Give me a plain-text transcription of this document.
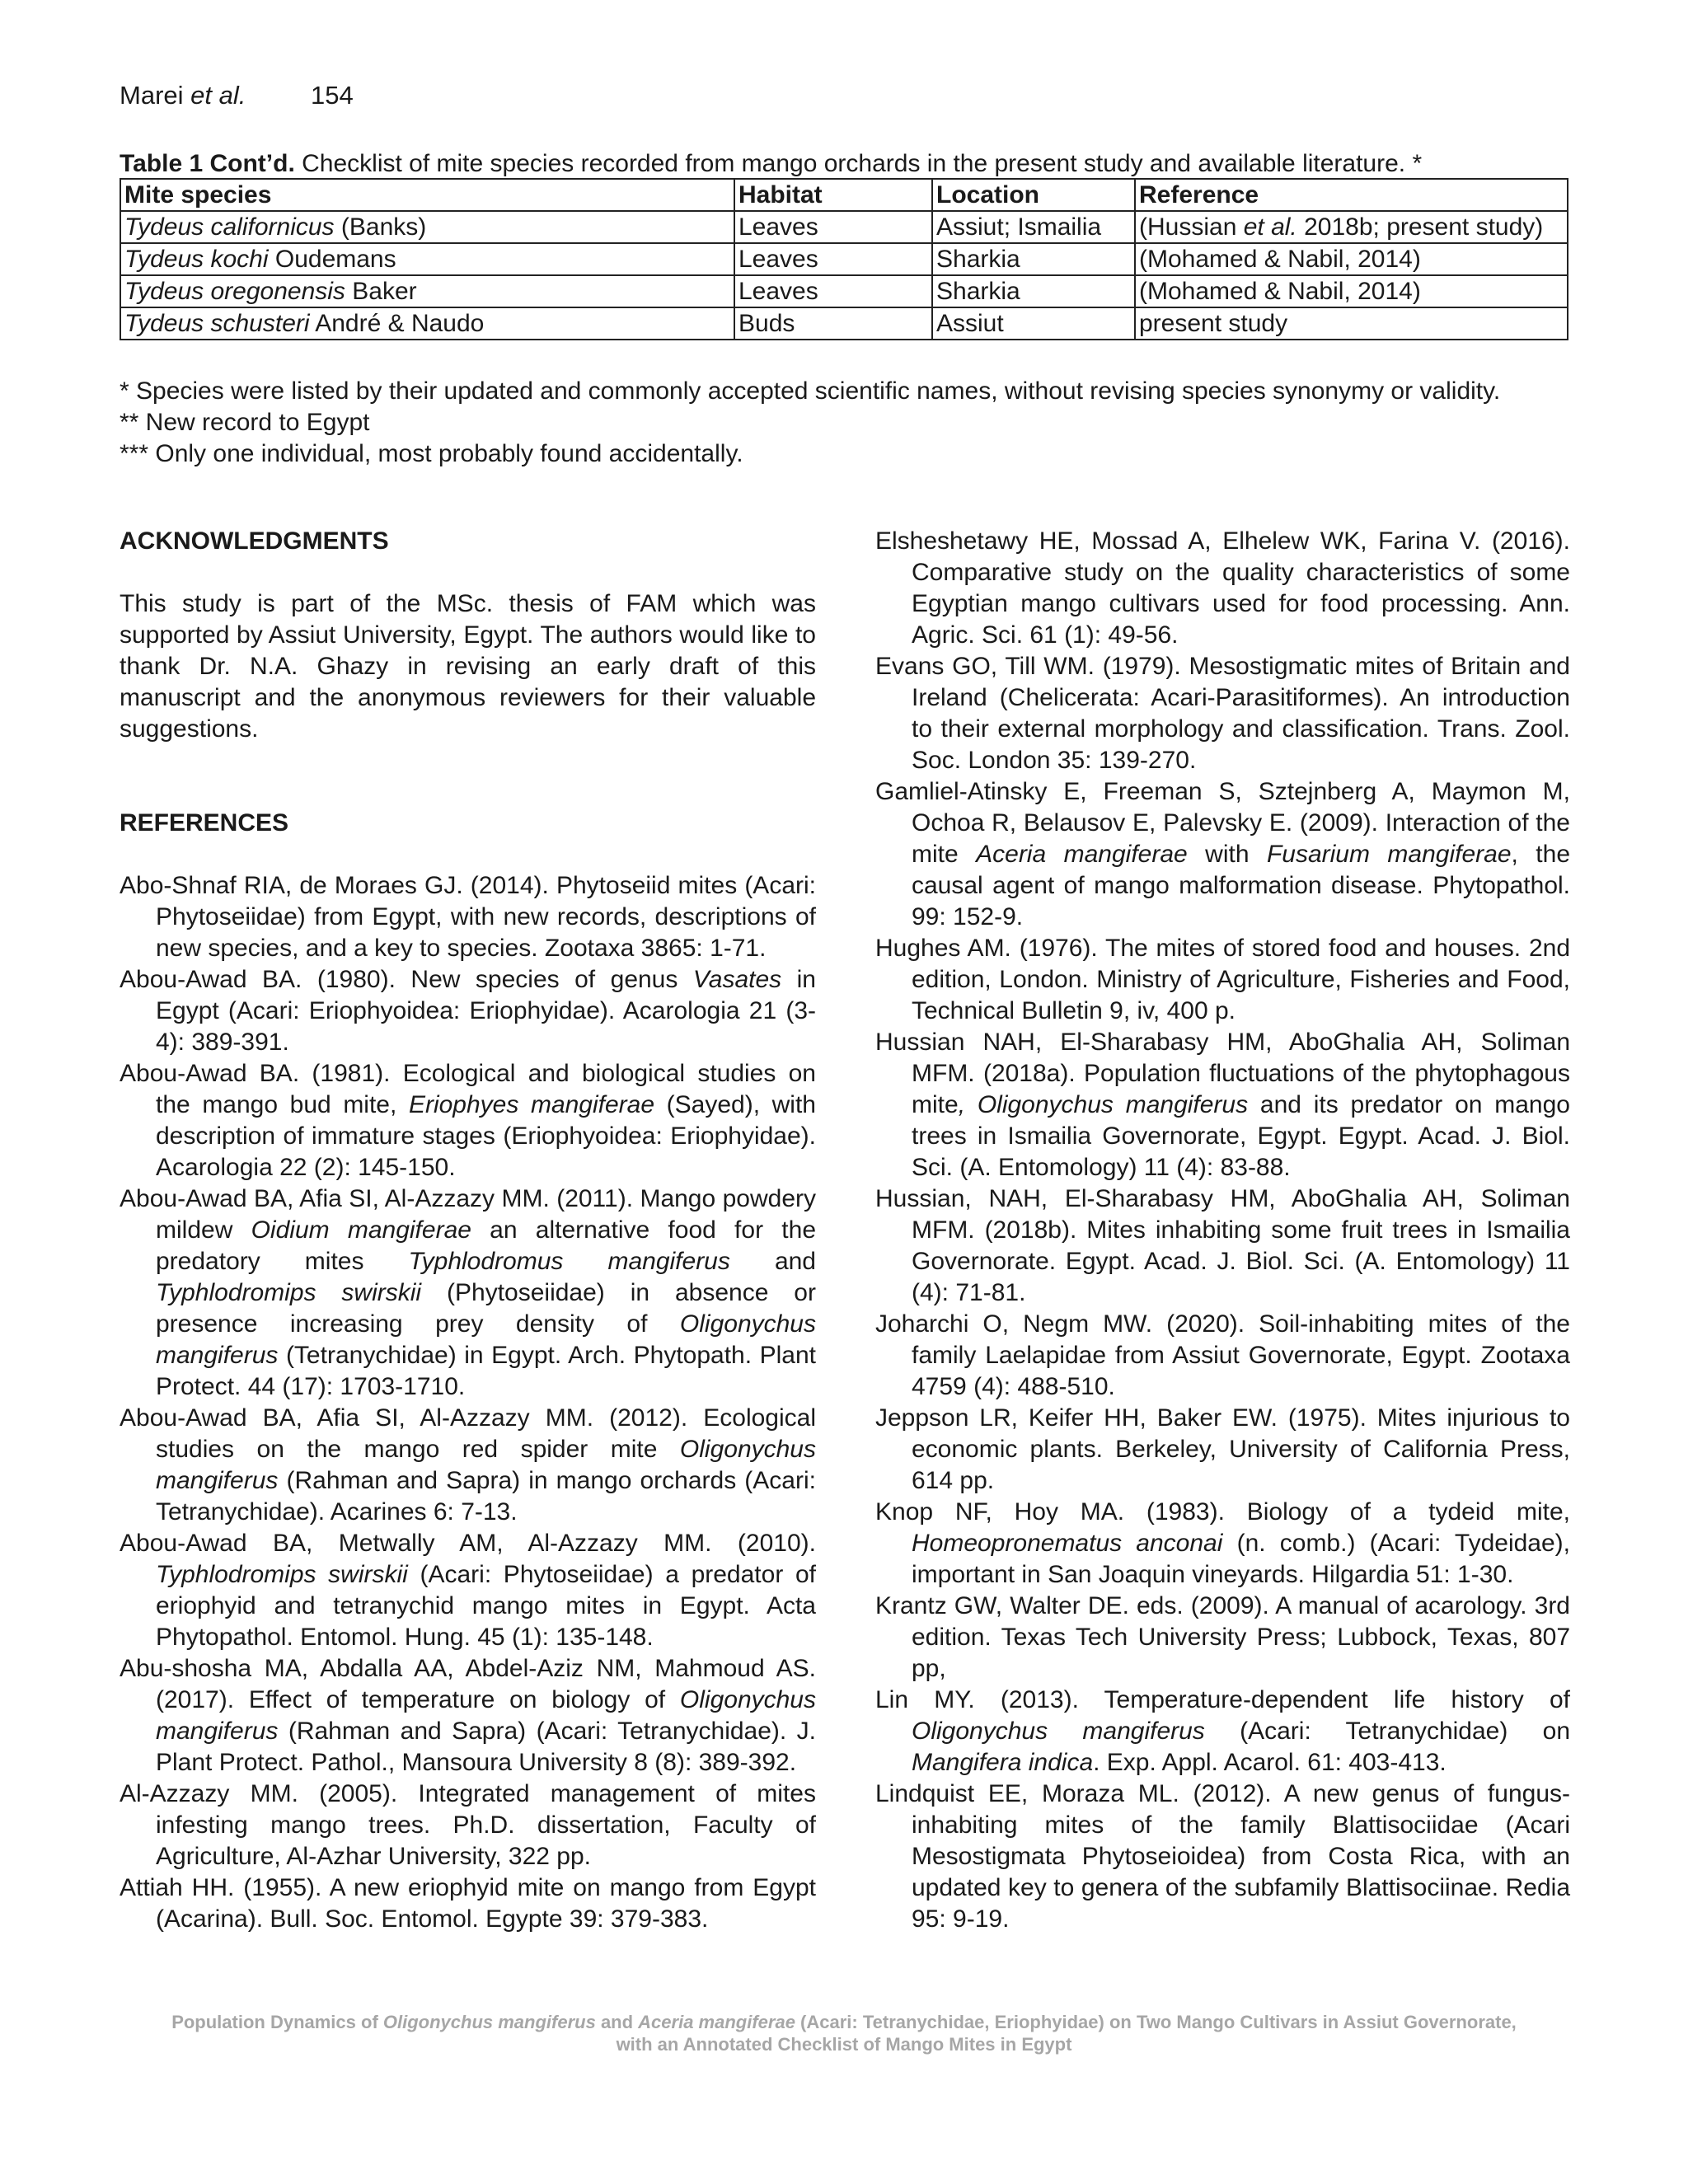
Marei et al.	154
Table 1 Cont’d. Checklist of mite species recorded from mango orchards in the present study and available literature. *
Mite species	Habitat	Location	Reference
Tydeus californicus (Banks)	Leaves	Assiut; Ismailia	(Hussian et al. 2018b; present study)
Tydeus kochi Oudemans	Leaves	Sharkia	(Mohamed & Nabil, 2014)
Tydeus oregonensis Baker	Leaves	Sharkia	(Mohamed & Nabil, 2014)
Tydeus schusteri André & Naudo	Buds	Assiut	present study

* Species were listed by their updated and commonly accepted scientific names, without revising species synonymy or validity.

** New record to Egypt

*** Only one individual, most probably found accidentally.

ACKNOWLEDGMENTS

This study is part of the MSc. thesis of FAM which was supported by Assiut University, Egypt. The authors would like to thank Dr. N.A. Ghazy in revising an early draft of this manuscript and the anonymous reviewers for their valuable suggestions.

REFERENCES

Abo-Shnaf RIA, de Moraes GJ. (2014). Phytoseiid mites (Acari: Phytoseiidae) from Egypt, with new records, descriptions of new species, and a key to species. Zootaxa 3865: 1-71.

Abou-Awad BA. (1980). New species of genus Vasates in Egypt (Acari: Eriophyoidea: Eriophyidae). Acarologia 21 (3-4): 389-391.

Abou-Awad BA. (1981). Ecological and biological studies on the mango bud mite, Eriophyes mangiferae (Sayed), with description of immature stages (Eriophyoidea: Eriophyidae). Acarologia 22 (2): 145-150.

Abou-Awad BA, Afia SI, Al-Azzazy MM. (2011). Mango powdery mildew Oidium mangiferae an alternative food for the predatory mites Typhlodromus mangiferus and Typhlodromips swirskii (Phytoseiidae) in absence or presence increasing prey density of Oligonychus mangiferus (Tetranychidae) in Egypt. Arch. Phytopath. Plant Protect. 44 (17): 1703-1710.

Abou-Awad BA, Afia SI, Al-Azzazy MM. (2012). Ecological studies on the mango red spider mite Oligonychus mangiferus (Rahman and Sapra) in mango orchards (Acari: Tetranychidae). Acarines 6: 7-13.

Abou-Awad BA, Metwally AM, Al-Azzazy MM. (2010). Typhlodromips swirskii (Acari: Phytoseiidae) a predator of eriophyid and tetranychid mango mites in Egypt. Acta Phytopathol. Entomol. Hung. 45 (1): 135-148.

Abu-shosha MA, Abdalla AA, Abdel-Aziz NM, Mahmoud AS. (2017). Effect of temperature on biology of Oligonychus mangiferus (Rahman and Sapra) (Acari: Tetranychidae). J. Plant Protect. Pathol., Mansoura University 8 (8): 389-392.

Al-Azzazy MM. (2005). Integrated management of mites infesting mango trees. Ph.D. dissertation, Faculty of Agriculture, Al-Azhar University, 322 pp.

Attiah HH. (1955). A new eriophyid mite on mango from Egypt (Acarina). Bull. Soc. Entomol. Egypte 39: 379-383.

Elsheshetawy HE, Mossad A, Elhelew WK, Farina V. (2016). Comparative study on the quality characteristics of some Egyptian mango cultivars used for food processing. Ann. Agric. Sci. 61 (1): 49-56.

Evans GO, Till WM. (1979). Mesostigmatic mites of Britain and Ireland (Chelicerata: Acari-Parasitiformes). An introduction to their external morphology and classification. Trans. Zool. Soc. London 35: 139-270.

Gamliel-Atinsky E, Freeman S, Sztejnberg A, Maymon M, Ochoa R, Belausov E, Palevsky E. (2009). Interaction of the mite Aceria mangiferae with Fusarium mangiferae, the causal agent of mango malformation disease. Phytopathol. 99: 152-9.

Hughes AM. (1976). The mites of stored food and houses. 2nd edition, London. Ministry of Agriculture, Fisheries and Food, Technical Bulletin 9, iv, 400 p.

Hussian NAH, El-Sharabasy HM, AboGhalia AH, Soliman MFM. (2018a). Population fluctuations of the phytophagous mite, Oligonychus mangiferus and its predator on mango trees in Ismailia Governorate, Egypt. Egypt. Acad. J. Biol. Sci. (A. Entomology) 11 (4): 83-88.

Hussian, NAH, El-Sharabasy HM, AboGhalia AH, Soliman MFM. (2018b). Mites inhabiting some fruit trees in Ismailia Governorate. Egypt. Acad. J. Biol. Sci. (A. Entomology) 11 (4): 71-81.

Joharchi O, Negm MW. (2020). Soil-inhabiting mites of the family Laelapidae from Assiut Governorate, Egypt. Zootaxa 4759 (4): 488-510.

Jeppson LR, Keifer HH, Baker EW. (1975). Mites injurious to economic plants. Berkeley, University of California Press, 614 pp.

Knop NF, Hoy MA. (1983). Biology of a tydeid mite, Homeopronematus anconai (n. comb.) (Acari: Tydeidae), important in San Joaquin vineyards. Hilgardia 51: 1-30.

Krantz GW, Walter DE. eds. (2009). A manual of acarology. 3rd edition. Texas Tech University Press; Lubbock, Texas, 807 pp,

Lin MY. (2013). Temperature-dependent life history of Oligonychus mangiferus (Acari: Tetranychidae) on Mangifera indica. Exp. Appl. Acarol. 61: 403-413.

Lindquist EE, Moraza ML. (2012). A new genus of fungus-inhabiting mites of the family Blattisociidae (Acari Mesostigmata Phytoseioidea) from Costa Rica, with an updated key to genera of the subfamily Blattisociinae. Redia 95: 9-19.

Population Dynamics of Oligonychus mangiferus and Aceria mangiferae (Acari: Tetranychidae, Eriophyidae) on Two Mango Cultivars in Assiut Governorate,
with an Annotated Checklist of Mango Mites in Egypt
